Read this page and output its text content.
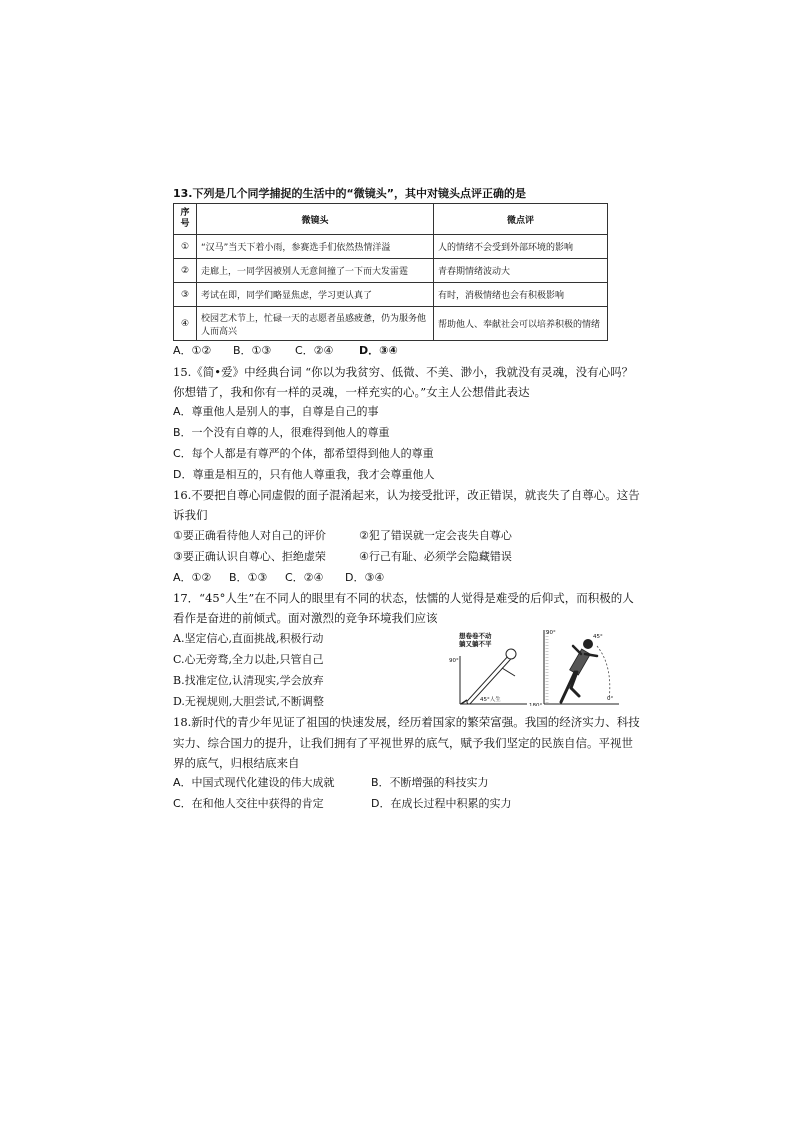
13.下列是几个同学捕捉的生活中的“微镜头”，其中对镜头点评正确的是
序
号	微镜头	微点评
①	“汉马”当天下着小雨，参赛选手们依然热情洋溢	人的情绪不会受到外部环境的影响
②	走廊上，一同学因被别人无意间撞了一下而大发雷霆	青春期情绪波动大
③	考试在即，同学们略显焦虑，学习更认真了	有时，消极情绪也会有积极影响
④	校园艺术节上，忙碌一天的志愿者虽感疲惫，仍为服务他人而高兴	帮助他人、奉献社会可以培养积极的情绪
A．①② B．①③ C．②④ D．③④
15.《简•爱》中经典台词 “你以为我贫穷、低微、不美、渺小，我就没有灵魂，没有心吗？
你想错了，我和你有一样的灵魂，一样充实的心。”女主人公想借此表达
A．尊重他人是别人的事，自尊是自己的事
B．一个没有自尊的人，很难得到他人的尊重
C．每个人都是有尊严的个体，都希望得到他人的尊重
D．尊重是相互的，只有他人尊重我，我才会尊重他人
16.不要把自尊心同虚假的面子混淆起来，认为接受批评，改正错误，就丧失了自尊心。这告
诉我们
①要正确看待他人对自己的评价	②犯了错误就一定会丧失自尊心
③要正确认识自尊心、拒绝虚荣	④行己有耻、必须学会隐藏错误
A．①② B．①③ C．②④ D．③④
17．“45°人生”在不同人的眼里有不同的状态，怯懦的人觉得是难受的后仰式，而积极的人
看作是奋进的前倾式。面对激烈的竞争环境我们应该
A.坚定信心,直面挑战,积极行动
C.心无旁骛,全力以赴,只管自己
B.找准定位,认清现实,学会放弃
D.无视规则,大胆尝试,不断调整
想卷卷不动
躺又躺不平
90°
45°人生
90°
45°
180°
0°
18.新时代的青少年见证了祖国的快速发展，经历着国家的繁荣富强。我国的经济实力、科技
实力、综合国力的提升，让我们拥有了平视世界的底气，赋予我们坚定的民族自信。平视世
界的底气，归根结底来自
A．中国式现代化建设的伟大成就	B．不断增强的科技实力
C．在和他人交往中获得的肯定	D．在成长过程中积累的实力
